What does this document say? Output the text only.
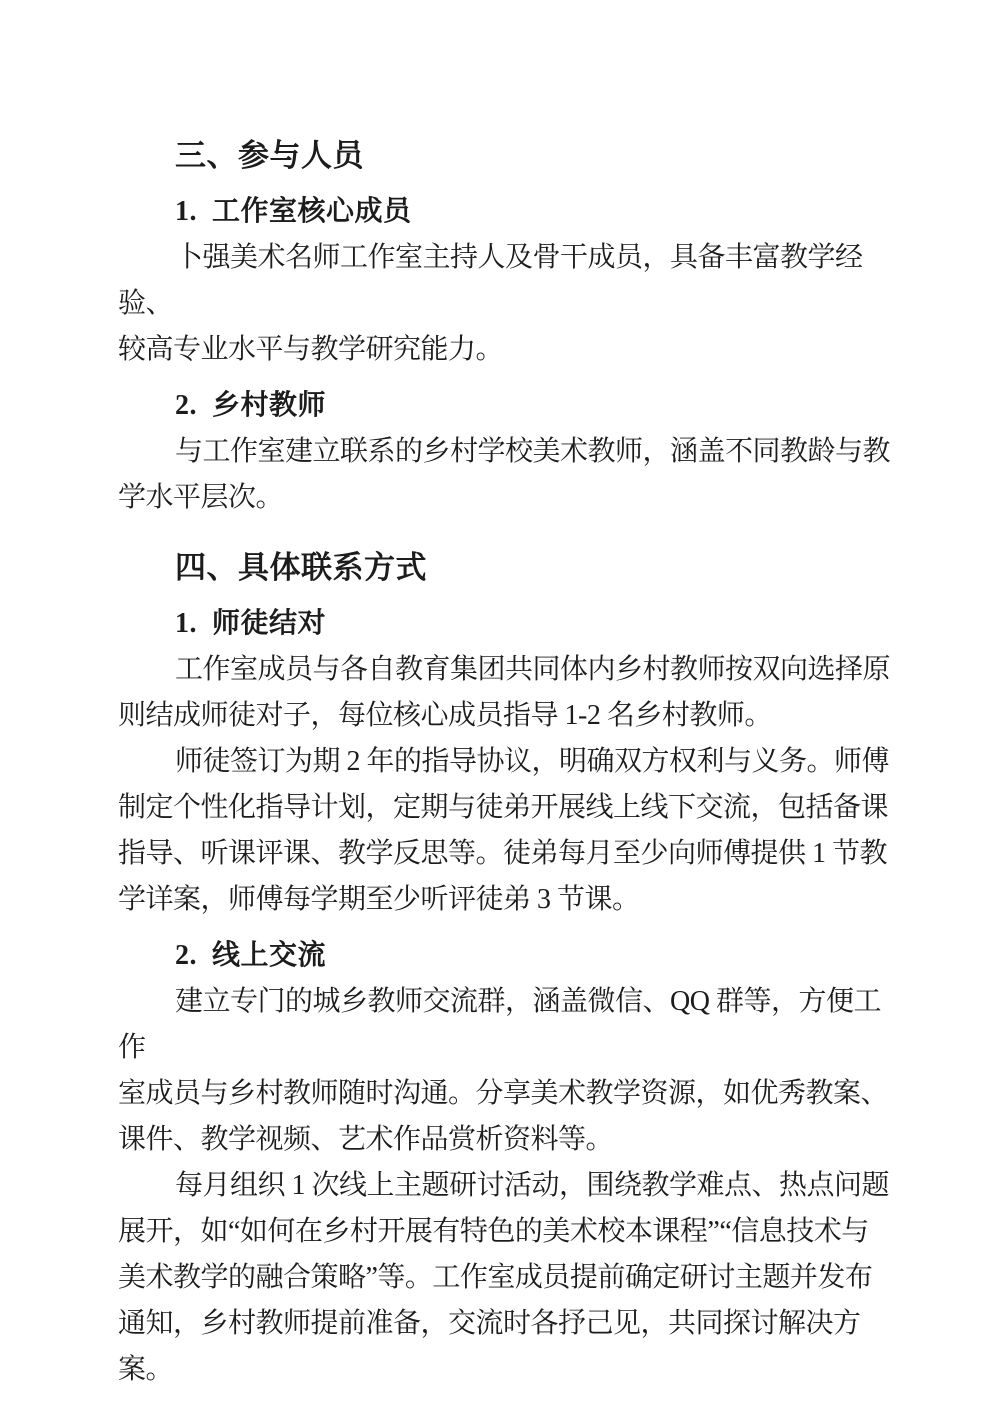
三、参与人员
1.  工作室核心成员

卜强美术名师工作室主持人及骨干成员，具备丰富教学经验、

较高专业水平与教学研究能力。

2.  乡村教师

与工作室建立联系的乡村学校美术教师，涵盖不同教龄与教

学水平层次。

四、具体联系方式
1.  师徒结对

工作室成员与各自教育集团共同体内乡村教师按双向选择原

则结成师徒对子，每位核心成员指导 1-2 名乡村教师。

师徒签订为期 2 年的指导协议，明确双方权利与义务。师傅

制定个性化指导计划，定期与徒弟开展线上线下交流，包括备课

指导、听课评课、教学反思等。徒弟每月至少向师傅提供 1 节教

学详案，师傅每学期至少听评徒弟 3 节课。

2.  线上交流

建立专门的城乡教师交流群，涵盖微信、QQ 群等，方便工作

室成员与乡村教师随时沟通。分享美术教学资源，如优秀教案、

课件、教学视频、艺术作品赏析资料等。

每月组织 1 次线上主题研讨活动，围绕教学难点、热点问题

展开，如“如何在乡村开展有特色的美术校本课程”“信息技术与

美术教学的融合策略”等。工作室成员提前确定研讨主题并发布

通知，乡村教师提前准备，交流时各抒己见，共同探讨解决方案。
